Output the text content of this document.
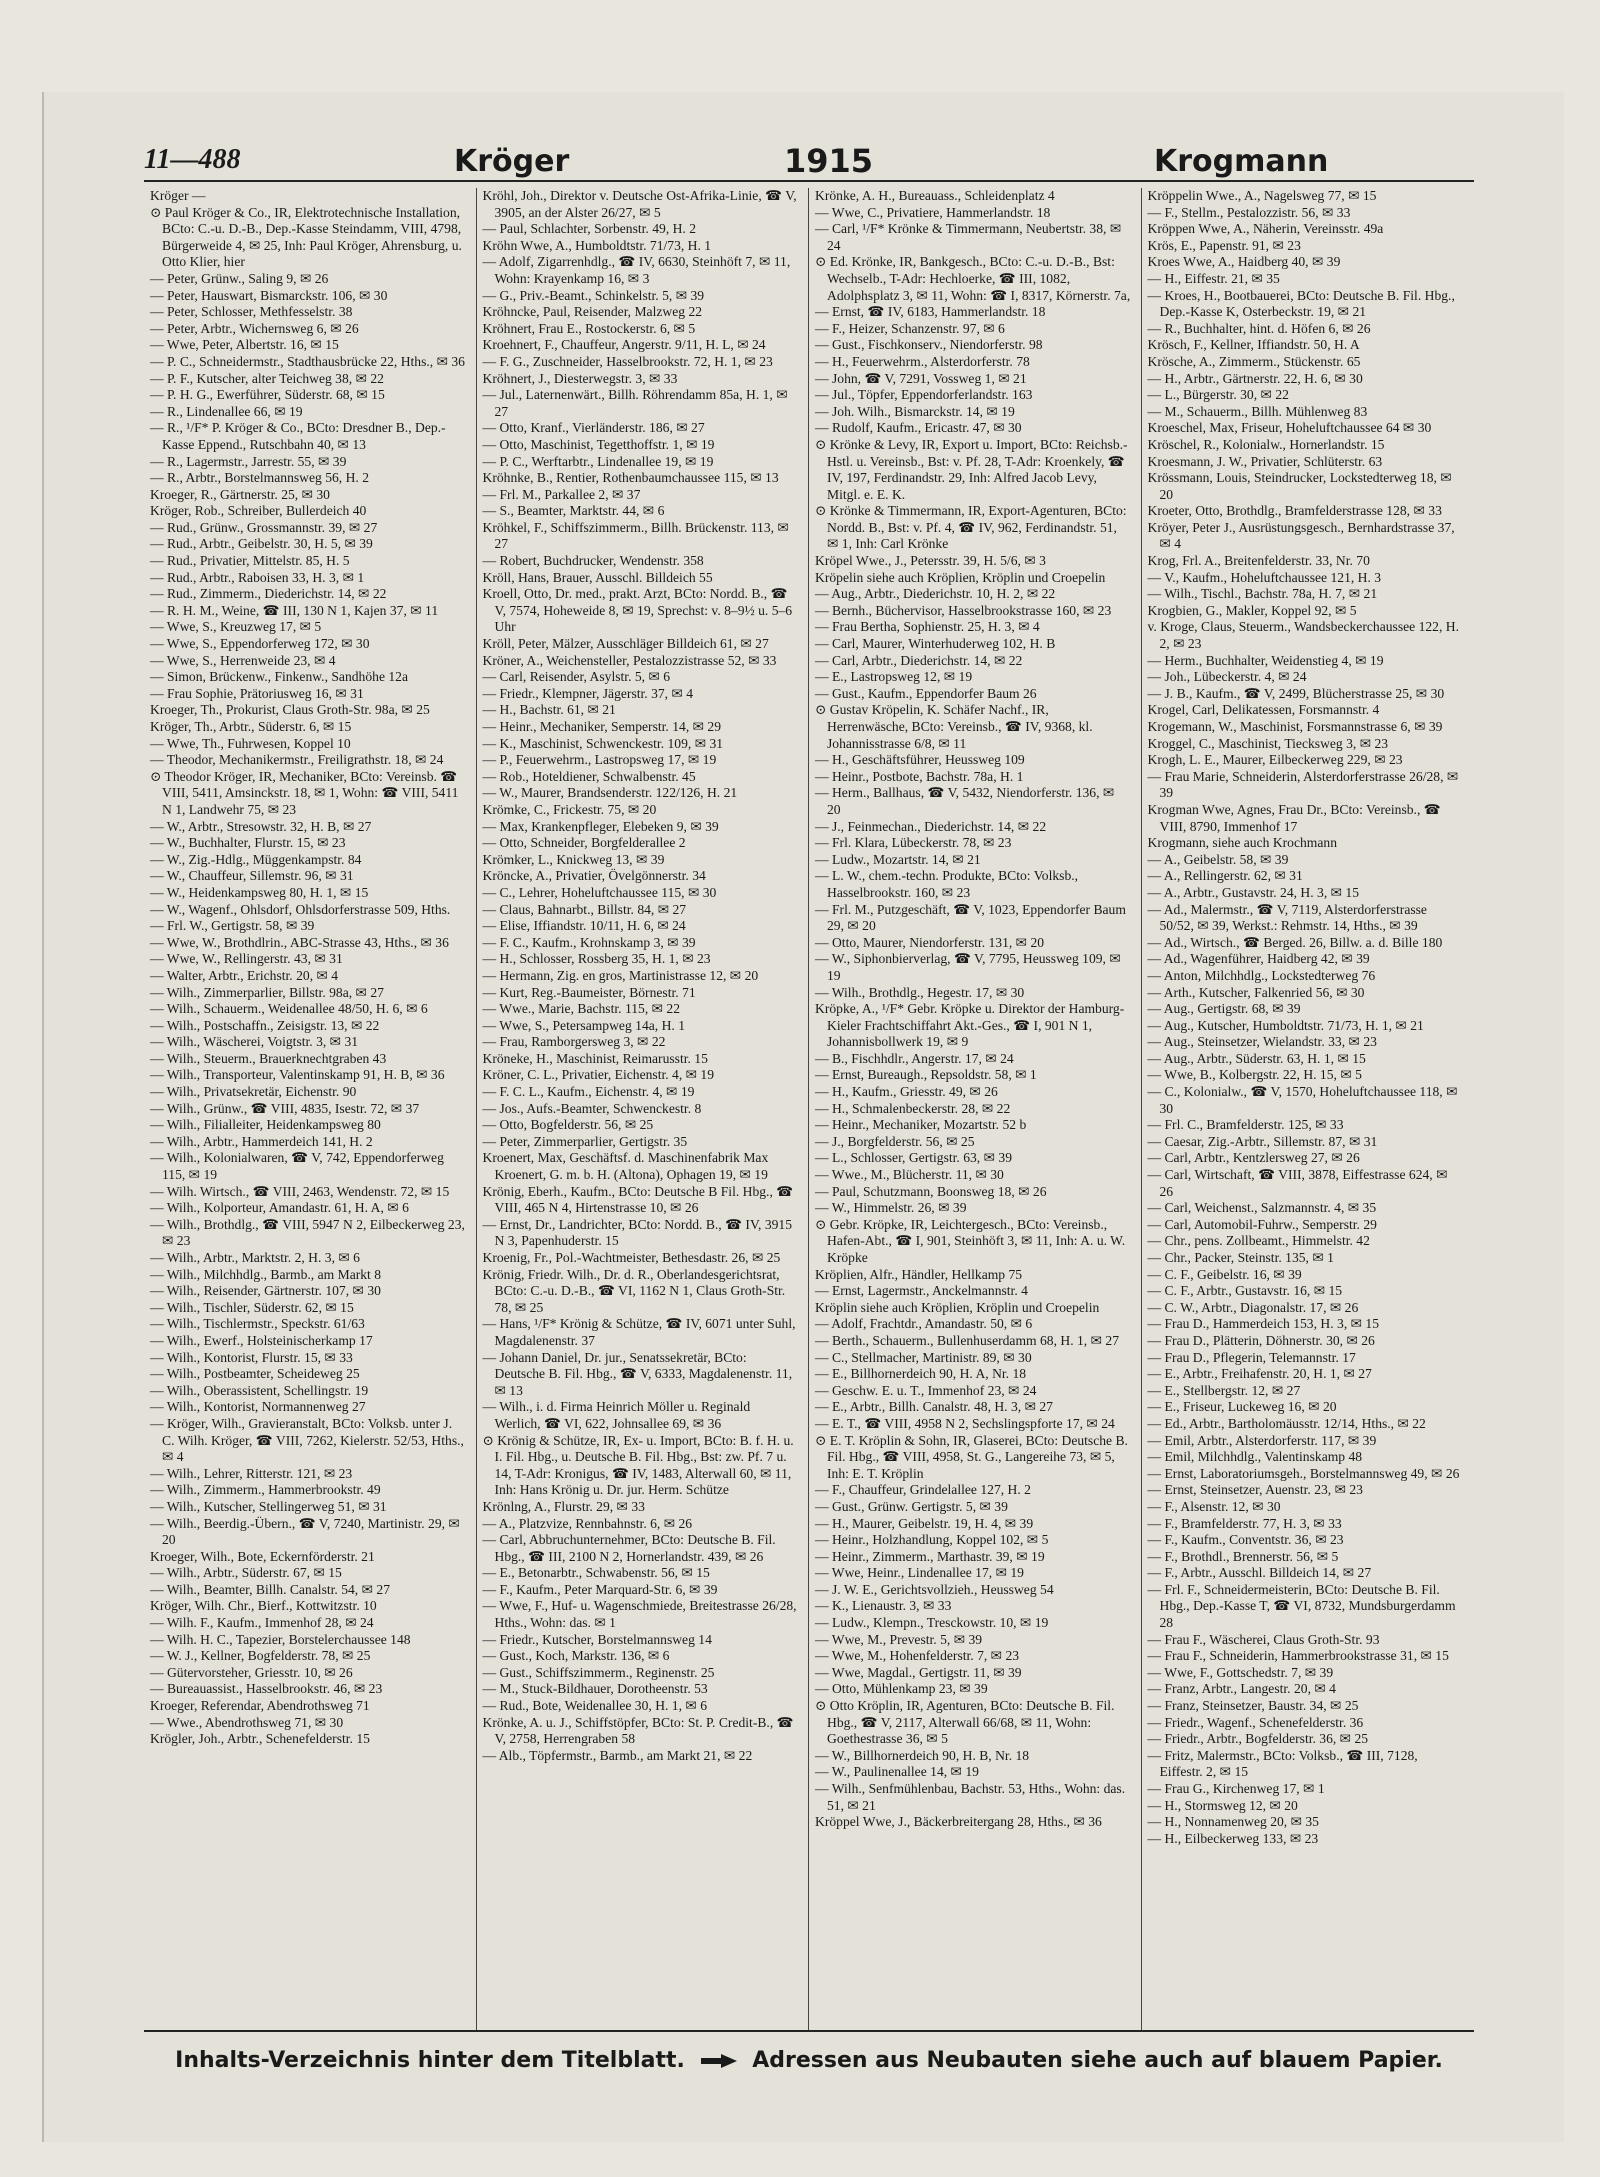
11—488	Kröger	1915	Krogmann

Kröger —

⊙ Paul Kröger & Co., IR, Elektrotechnische Installation, BCto: C.-u. D.-B., Dep.-Kasse Steindamm, VIII, 4798, Bürgerweide 4, ✉ 25, Inh: Paul Kröger, Ahrensburg, u. Otto Klier, hier

— Peter, Grünw., Saling 9, ✉ 26

— Peter, Hauswart, Bismarckstr. 106, ✉ 30

— Peter, Schlosser, Methfesselstr. 38

— Peter, Arbtr., Wichernsweg 6, ✉ 26

— Wwe, Peter, Albertstr. 16, ✉ 15

— P. C., Schneidermstr., Stadthausbrücke 22, Hths., ✉ 36

— P. F., Kutscher, alter Teichweg 38, ✉ 22

— P. H. G., Ewerführer, Süderstr. 68, ✉ 15

— R., Lindenallee 66, ✉ 19

— R., ¹/F* P. Kröger & Co., BCto: Dresdner B., Dep.-Kasse Eppend., Rutschbahn 40, ✉ 13

— R., Lagermstr., Jarrestr. 55, ✉ 39

— R., Arbtr., Borstelmannsweg 56, H. 2

Kroeger, R., Gärtnerstr. 25, ✉ 30

Kröger, Rob., Schreiber, Bullerdeich 40

— Rud., Grünw., Grossmannstr. 39, ✉ 27

— Rud., Arbtr., Geibelstr. 30, H. 5, ✉ 39

— Rud., Privatier, Mittelstr. 85, H. 5

— Rud., Arbtr., Raboisen 33, H. 3, ✉ 1

— Rud., Zimmerm., Diederichstr. 14, ✉ 22

— R. H. M., Weine, ☎ III, 130 N 1, Kajen 37, ✉ 11

— Wwe, S., Kreuzweg 17, ✉ 5

— Wwe, S., Eppendorferweg 172, ✉ 30

— Wwe, S., Herrenweide 23, ✉ 4

— Simon, Brückenw., Finkenw., Sandhöhe 12a

— Frau Sophie, Prätoriusweg 16, ✉ 31

Kroeger, Th., Prokurist, Claus Groth-Str. 98a, ✉ 25

Kröger, Th., Arbtr., Süderstr. 6, ✉ 15

— Wwe, Th., Fuhrwesen, Koppel 10

— Theodor, Mechanikermstr., Freiligrathstr. 18, ✉ 24

⊙ Theodor Kröger, IR, Mechaniker, BCto: Vereinsb. ☎ VIII, 5411, Amsinckstr. 18, ✉ 1, Wohn: ☎ VIII, 5411 N 1, Landwehr 75, ✉ 23

— W., Arbtr., Stresowstr. 32, H. B, ✉ 27

— W., Buchhalter, Flurstr. 15, ✉ 23

— W., Zig.-Hdlg., Müggenkampstr. 84

— W., Chauffeur, Sillemstr. 96, ✉ 31

— W., Heidenkampsweg 80, H. 1, ✉ 15

— W., Wagenf., Ohlsdorf, Ohlsdorferstrasse 509, Hths.

— Frl. W., Gertigstr. 58, ✉ 39

— Wwe, W., Brothdlrin., ABC-Strasse 43, Hths., ✉ 36

— Wwe, W., Rellingerstr. 43, ✉ 31

— Walter, Arbtr., Erichstr. 20, ✉ 4

— Wilh., Zimmerparlier, Billstr. 98a, ✉ 27

— Wilh., Schauerm., Weidenallee 48/50, H. 6, ✉ 6

— Wilh., Postschaffn., Zeisigstr. 13, ✉ 22

— Wilh., Wäscherei, Voigtstr. 3, ✉ 31

— Wilh., Steuerm., Brauerknechtgraben 43

— Wilh., Transporteur, Valentinskamp 91, H. B, ✉ 36

— Wilh., Privatsekretär, Eichenstr. 90

— Wilh., Grünw., ☎ VIII, 4835, Isestr. 72, ✉ 37

— Wilh., Filialleiter, Heidenkampsweg 80

— Wilh., Arbtr., Hammerdeich 141, H. 2

— Wilh., Kolonialwaren, ☎ V, 742, Eppendorferweg 115, ✉ 19

— Wilh. Wirtsch., ☎ VIII, 2463, Wendenstr. 72, ✉ 15

— Wilh., Kolporteur, Amandastr. 61, H. A, ✉ 6

— Wilh., Brothdlg., ☎ VIII, 5947 N 2, Eilbeckerweg 23, ✉ 23

— Wilh., Arbtr., Marktstr. 2, H. 3, ✉ 6

— Wilh., Milchhdlg., Barmb., am Markt 8

— Wilh., Reisender, Gärtnerstr. 107, ✉ 30

— Wilh., Tischler, Süderstr. 62, ✉ 15

— Wilh., Tischlermstr., Speckstr. 61/63

— Wilh., Ewerf., Holsteinischerkamp 17

— Wilh., Kontorist, Flurstr. 15, ✉ 33

— Wilh., Postbeamter, Scheideweg 25

— Wilh., Oberassistent, Schellingstr. 19

— Wilh., Kontorist, Normannenweg 27

— Kröger, Wilh., Gravieranstalt, BCto: Volksb. unter J. C. Wilh. Kröger, ☎ VIII, 7262, Kielerstr. 52/53, Hths., ✉ 4

— Wilh., Lehrer, Ritterstr. 121, ✉ 23

— Wilh., Zimmerm., Hammerbrookstr. 49

— Wilh., Kutscher, Stellingerweg 51, ✉ 31

— Wilh., Beerdig.-Übern., ☎ V, 7240, Martinistr. 29, ✉ 20

Kroeger, Wilh., Bote, Eckernförderstr. 21

— Wilh., Arbtr., Süderstr. 67, ✉ 15

— Wilh., Beamter, Billh. Canalstr. 54, ✉ 27

Kröger, Wilh. Chr., Bierf., Kottwitzstr. 10

— Wilh. F., Kaufm., Immenhof 28, ✉ 24

— Wilh. H. C., Tapezier, Borstelerchaussee 148

— W. J., Kellner, Bogfelderstr. 78, ✉ 25

— Gütervorsteher, Griesstr. 10, ✉ 26

— Bureauassist., Hasselbrookstr. 46, ✉ 23

Kroeger, Referendar, Abendrothsweg 71

— Wwe., Abendrothsweg 71, ✉ 30

Krögler, Joh., Arbtr., Schenefelderstr. 15

Kröhl, Joh., Direktor v. Deutsche Ost-Afrika-Linie, ☎ V, 3905, an der Alster 26/27, ✉ 5

— Paul, Schlachter, Sorbenstr. 49, H. 2

Kröhn Wwe, A., Humboldtstr. 71/73, H. 1

— Adolf, Zigarrenhdlg., ☎ IV, 6630, Steinhöft 7, ✉ 11, Wohn: Krayenkamp 16, ✉ 3

— G., Priv.-Beamt., Schinkelstr. 5, ✉ 39

Kröhncke, Paul, Reisender, Malzweg 22

Kröhnert, Frau E., Rostockerstr. 6, ✉ 5

Kroehnert, F., Chauffeur, Angerstr. 9/11, H. L, ✉ 24

— F. G., Zuschneider, Hasselbrookstr. 72, H. 1, ✉ 23

Kröhnert, J., Diesterwegstr. 3, ✉ 33

— Jul., Laternenwärt., Billh. Röhrendamm 85a, H. 1, ✉ 27

— Otto, Kranf., Vierländerstr. 186, ✉ 27

— Otto, Maschinist, Tegetthoffstr. 1, ✉ 19

— P. C., Werftarbtr., Lindenallee 19, ✉ 19

Kröhnke, B., Rentier, Rothenbaumchaussee 115, ✉ 13

— Frl. M., Parkallee 2, ✉ 37

— S., Beamter, Marktstr. 44, ✉ 6

Kröhkel, F., Schiffszimmerm., Billh. Brückenstr. 113, ✉ 27

— Robert, Buchdrucker, Wendenstr. 358

Kröll, Hans, Brauer, Ausschl. Billdeich 55

Kroell, Otto, Dr. med., prakt. Arzt, BCto: Nordd. B., ☎ V, 7574, Hoheweide 8, ✉ 19, Sprechst: v. 8–9½ u. 5–6 Uhr

Kröll, Peter, Mälzer, Ausschläger Billdeich 61, ✉ 27

Kröner, A., Weichensteller, Pestalozzistrasse 52, ✉ 33

— Carl, Reisender, Asylstr. 5, ✉ 6

— Friedr., Klempner, Jägerstr. 37, ✉ 4

— H., Bachstr. 61, ✉ 21

— Heinr., Mechaniker, Semperstr. 14, ✉ 29

— K., Maschinist, Schwenckestr. 109, ✉ 31

— P., Feuerwehrm., Lastropsweg 17, ✉ 19

— Rob., Hoteldiener, Schwalbenstr. 45

— W., Maurer, Brandsenderstr. 122/126, H. 21

Krömke, C., Frickestr. 75, ✉ 20

— Max, Krankenpfleger, Elebeken 9, ✉ 39

— Otto, Schneider, Borgfelderallee 2

Krömker, L., Knickweg 13, ✉ 39

Kröncke, A., Privatier, Övelgönnerstr. 34

— C., Lehrer, Hoheluftchaussee 115, ✉ 30

— Claus, Bahnarbt., Billstr. 84, ✉ 27

— Elise, Iffiandstr. 10/11, H. 6, ✉ 24

— F. C., Kaufm., Krohnskamp 3, ✉ 39

— H., Schlosser, Rossberg 35, H. 1, ✉ 23

— Hermann, Zig. en gros, Martinistrasse 12, ✉ 20

— Kurt, Reg.-Baumeister, Börnestr. 71

— Wwe., Marie, Bachstr. 115, ✉ 22

— Wwe, S., Petersampweg 14a, H. 1

— Frau, Ramborgersweg 3, ✉ 22

Kröneke, H., Maschinist, Reimarusstr. 15

Kröner, C. L., Privatier, Eichenstr. 4, ✉ 19

— F. C. L., Kaufm., Eichenstr. 4, ✉ 19

— Jos., Aufs.-Beamter, Schwenckestr. 8

— Otto, Bogfelderstr. 56, ✉ 25

— Peter, Zimmerparlier, Gertigstr. 35

Kroenert, Max, Geschäftsf. d. Maschinenfabrik Max Kroenert, G. m. b. H. (Altona), Ophagen 19, ✉ 19

Krönig, Eberh., Kaufm., BCto: Deutsche B Fil. Hbg., ☎ VIII, 465 N 4, Hirtenstrasse 10, ✉ 26

— Ernst, Dr., Landrichter, BCto: Nordd. B., ☎ IV, 3915 N 3, Papenhuderstr. 15

Kroenig, Fr., Pol.-Wachtmeister, Bethesdastr. 26, ✉ 25

Krönig, Friedr. Wilh., Dr. d. R., Oberlandesgerichtsrat, BCto: C.-u. D.-B., ☎ VI, 1162 N 1, Claus Groth-Str. 78, ✉ 25

— Hans, ¹/F* Krönig & Schütze, ☎ IV, 6071 unter Suhl, Magdalenenstr. 37

— Johann Daniel, Dr. jur., Senatssekretär, BCto: Deutsche B. Fil. Hbg., ☎ V, 6333, Magdalenenstr. 11, ✉ 13

— Wilh., i. d. Firma Heinrich Möller u. Reginald Werlich, ☎ VI, 622, Johnsallee 69, ✉ 36

⊙ Krönig & Schütze, IR, Ex- u. Import, BCto: B. f. H. u. I. Fil. Hbg., u. Deutsche B. Fil. Hbg., Bst: zw. Pf. 7 u. 14, T-Adr: Kronigus, ☎ IV, 1483, Alterwall 60, ✉ 11, Inh: Hans Krönig u. Dr. jur. Herm. Schütze

Krönlng, A., Flurstr. 29, ✉ 33

— A., Platzvize, Rennbahnstr. 6, ✉ 26

— Carl, Abbruchunternehmer, BCto: Deutsche B. Fil. Hbg., ☎ III, 2100 N 2, Hornerlandstr. 439, ✉ 26

— E., Betonarbtr., Schwabenstr. 56, ✉ 15

— F., Kaufm., Peter Marquard-Str. 6, ✉ 39

— Wwe, F., Huf- u. Wagenschmiede, Breitestrasse 26/28, Hths., Wohn: das. ✉ 1

— Friedr., Kutscher, Borstelmannsweg 14

— Gust., Koch, Markstr. 136, ✉ 6

— Gust., Schiffszimmerm., Reginenstr. 25

— M., Stuck-Bildhauer, Dorotheenstr. 53

— Rud., Bote, Weidenallee 30, H. 1, ✉ 6

Krönke, A. u. J., Schiffstöpfer, BCto: St. P. Credit-B., ☎ V, 2758, Herrengraben 58

— Alb., Töpfermstr., Barmb., am Markt 21, ✉ 22

Krönke, A. H., Bureauass., Schleidenplatz 4

— Wwe, C., Privatiere, Hammerlandstr. 18

— Carl, ¹/F* Krönke & Timmermann, Neubertstr. 38, ✉ 24

⊙ Ed. Krönke, IR, Bankgesch., BCto: C.-u. D.-B., Bst: Wechselb., T-Adr: Hechloerke, ☎ III, 1082, Adolphsplatz 3, ✉ 11, Wohn: ☎ I, 8317, Körnerstr. 7a,

— Ernst, ☎ IV, 6183, Hammerlandstr. 18

— F., Heizer, Schanzenstr. 97, ✉ 6

— Gust., Fischkonserv., Niendorferstr. 98

— H., Feuerwehrm., Alsterdorferstr. 78

— John, ☎ V, 7291, Vossweg 1, ✉ 21

— Jul., Töpfer, Eppendorferlandstr. 163

— Joh. Wilh., Bismarckstr. 14, ✉ 19

— Rudolf, Kaufm., Ericastr. 47, ✉ 30

⊙ Krönke & Levy, IR, Export u. Import, BCto: Reichsb.-Hstl. u. Vereinsb., Bst: v. Pf. 28, T-Adr: Kroenkely, ☎ IV, 197, Ferdinandstr. 29, Inh: Alfred Jacob Levy, Mitgl. e. E. K.

⊙ Krönke & Timmermann, IR, Export-Agenturen, BCto: Nordd. B., Bst: v. Pf. 4, ☎ IV, 962, Ferdinandstr. 51, ✉ 1, Inh: Carl Krönke

Kröpel Wwe., J., Petersstr. 39, H. 5/6, ✉ 3

Kröpelin siehe auch Kröplien, Kröplin und Croepelin

— Aug., Arbtr., Diederichstr. 10, H. 2, ✉ 22

— Bernh., Büchervisor, Hasselbrookstrasse 160, ✉ 23

— Frau Bertha, Sophienstr. 25, H. 3, ✉ 4

— Carl, Maurer, Winterhuderweg 102, H. B

— Carl, Arbtr., Diederichstr. 14, ✉ 22

— E., Lastropsweg 12, ✉ 19

— Gust., Kaufm., Eppendorfer Baum 26

⊙ Gustav Kröpelin, K. Schäfer Nachf., IR, Herrenwäsche, BCto: Vereinsb., ☎ IV, 9368, kl. Johannisstrasse 6/8, ✉ 11

— H., Geschäftsführer, Heussweg 109

— Heinr., Postbote, Bachstr. 78a, H. 1

— Herm., Ballhaus, ☎ V, 5432, Niendorferstr. 136, ✉ 20

— J., Feinmechan., Diederichstr. 14, ✉ 22

— Frl. Klara, Lübeckerstr. 78, ✉ 23

— Ludw., Mozartstr. 14, ✉ 21

— L. W., chem.-techn. Produkte, BCto: Volksb., Hasselbrookstr. 160, ✉ 23

— Frl. M., Putzgeschäft, ☎ V, 1023, Eppendorfer Baum 29, ✉ 20

— Otto, Maurer, Niendorferstr. 131, ✉ 20

— W., Siphonbierverlag, ☎ V, 7795, Heussweg 109, ✉ 19

— Wilh., Brothdlg., Hegestr. 17, ✉ 30

Kröpke, A., ¹/F* Gebr. Kröpke u. Direktor der Hamburg-Kieler Frachtschiffahrt Akt.-Ges., ☎ I, 901 N 1, Johannisbollwerk 19, ✉ 9

— B., Fischhdlr., Angerstr. 17, ✉ 24

— Ernst, Bureaugh., Repsoldstr. 58, ✉ 1

— H., Kaufm., Griesstr. 49, ✉ 26

— H., Schmalenbeckerstr. 28, ✉ 22

— Heinr., Mechaniker, Mozartstr. 52 b

— J., Borgfelderstr. 56, ✉ 25

— L., Schlosser, Gertigstr. 63, ✉ 39

— Wwe., M., Blücherstr. 11, ✉ 30

— Paul, Schutzmann, Boonsweg 18, ✉ 26

— W., Himmelstr. 26, ✉ 39

⊙ Gebr. Kröpke, IR, Leichtergesch., BCto: Vereinsb., Hafen-Abt., ☎ I, 901, Steinhöft 3, ✉ 11, Inh: A. u. W. Kröpke

Kröplien, Alfr., Händler, Hellkamp 75

— Ernst, Lagermstr., Anckelmannstr. 4

Kröplin siehe auch Kröplien, Kröplin und Croepelin

— Adolf, Frachtdr., Amandastr. 50, ✉ 6

— Berth., Schauerm., Bullenhuserdamm 68, H. 1, ✉ 27

— C., Stellmacher, Martinistr. 89, ✉ 30

— E., Billhornerdeich 90, H. A, Nr. 18

— Geschw. E. u. T., Immenhof 23, ✉ 24

— E., Arbtr., Billh. Canalstr. 48, H. 3, ✉ 27

— E. T., ☎ VIII, 4958 N 2, Sechslingspforte 17, ✉ 24

⊙ E. T. Kröplin & Sohn, IR, Glaserei, BCto: Deutsche B. Fil. Hbg., ☎ VIII, 4958, St. G., Langereihe 73, ✉ 5, Inh: E. T. Kröplin

— F., Chauffeur, Grindelallee 127, H. 2

— Gust., Grünw. Gertigstr. 5, ✉ 39

— H., Maurer, Geibelstr. 19, H. 4, ✉ 39

— Heinr., Holzhandlung, Koppel 102, ✉ 5

— Heinr., Zimmerm., Marthastr. 39, ✉ 19

— Wwe, Heinr., Lindenallee 17, ✉ 19

— J. W. E., Gerichtsvollzieh., Heussweg 54

— K., Lienaustr. 3, ✉ 33

— Ludw., Klempn., Tresckowstr. 10, ✉ 19

— Wwe, M., Prevestr. 5, ✉ 39

— Wwe, M., Hohenfelderstr. 7, ✉ 23

— Wwe, Magdal., Gertigstr. 11, ✉ 39

— Otto, Mühlenkamp 23, ✉ 39

⊙ Otto Kröplin, IR, Agenturen, BCto: Deutsche B. Fil. Hbg., ☎ V, 2117, Alterwall 66/68, ✉ 11, Wohn: Goethestrasse 36, ✉ 5

— W., Billhornerdeich 90, H. B, Nr. 18

— W., Paulinenallee 14, ✉ 19

— Wilh., Senfmühlenbau, Bachstr. 53, Hths., Wohn: das. 51, ✉ 21

Kröppel Wwe, J., Bäckerbreitergang 28, Hths., ✉ 36

Kröppelin Wwe., A., Nagelsweg 77, ✉ 15

— F., Stellm., Pestalozzistr. 56, ✉ 33

Kröppen Wwe, A., Näherin, Vereinsstr. 49a

Krös, E., Papenstr. 91, ✉ 23

Kroes Wwe, A., Haidberg 40, ✉ 39

— H., Eiffestr. 21, ✉ 35

— Kroes, H., Bootbauerei, BCto: Deutsche B. Fil. Hbg., Dep.-Kasse K, Osterbeckstr. 19, ✉ 21

— R., Buchhalter, hint. d. Höfen 6, ✉ 26

Krösch, F., Kellner, Iffiandstr. 50, H. A

Krösche, A., Zimmerm., Stückenstr. 65

— H., Arbtr., Gärtnerstr. 22, H. 6, ✉ 30

— L., Bürgerstr. 30, ✉ 22

— M., Schauerm., Billh. Mühlenweg 83

Kroeschel, Max, Friseur, Hoheluftchaussee 64 ✉ 30

Kröschel, R., Kolonialw., Hornerlandstr. 15

Kroesmann, J. W., Privatier, Schlüterstr. 63

Krössmann, Louis, Steindrucker, Lockstedterweg 18, ✉ 20

Kroeter, Otto, Brothdlg., Bramfelderstrasse 128, ✉ 33

Kröyer, Peter J., Ausrüstungsgesch., Bernhardstrasse 37, ✉ 4

Krog, Frl. A., Breitenfelderstr. 33, Nr. 70

— V., Kaufm., Hoheluftchaussee 121, H. 3

— Wilh., Tischl., Bachstr. 78a, H. 7, ✉ 21

Krogbien, G., Makler, Koppel 92, ✉ 5

v. Kroge, Claus, Steuerm., Wandsbeckerchaussee 122, H. 2, ✉ 23

— Herm., Buchhalter, Weidenstieg 4, ✉ 19

— Joh., Lübeckerstr. 4, ✉ 24

— J. B., Kaufm., ☎ V, 2499, Blücherstrasse 25, ✉ 30

Krogel, Carl, Delikatessen, Forsmannstr. 4

Krogemann, W., Maschinist, Forsmannstrasse 6, ✉ 39

Kroggel, C., Maschinist, Tiecksweg 3, ✉ 23

Krogh, L. E., Maurer, Eilbeckerweg 229, ✉ 23

— Frau Marie, Schneiderin, Alsterdorferstrasse 26/28, ✉ 39

Krogman Wwe, Agnes, Frau Dr., BCto: Vereinsb., ☎ VIII, 8790, Immenhof 17

Krogmann, siehe auch Krochmann

— A., Geibelstr. 58, ✉ 39

— A., Rellingerstr. 62, ✉ 31

— A., Arbtr., Gustavstr. 24, H. 3, ✉ 15

— Ad., Malermstr., ☎ V, 7119, Alsterdorferstrasse 50/52, ✉ 39, Werkst.: Rehmstr. 14, Hths., ✉ 39

— Ad., Wirtsch., ☎ Berged. 26, Billw. a. d. Bille 180

— Ad., Wagenführer, Haidberg 42, ✉ 39

— Anton, Milchhdlg., Lockstedterweg 76

— Arth., Kutscher, Falkenried 56, ✉ 30

— Aug., Gertigstr. 68, ✉ 39

— Aug., Kutscher, Humboldtstr. 71/73, H. 1, ✉ 21

— Aug., Steinsetzer, Wielandstr. 33, ✉ 23

— Aug., Arbtr., Süderstr. 63, H. 1, ✉ 15

— Wwe, B., Kolbergstr. 22, H. 15, ✉ 5

— C., Kolonialw., ☎ V, 1570, Hoheluftchaussee 118, ✉ 30

— Frl. C., Bramfelderstr. 125, ✉ 33

— Caesar, Zig.-Arbtr., Sillemstr. 87, ✉ 31

— Carl, Arbtr., Kentzlersweg 27, ✉ 26

— Carl, Wirtschaft, ☎ VIII, 3878, Eiffestrasse 624, ✉ 26

— Carl, Weichenst., Salzmannstr. 4, ✉ 35

— Carl, Automobil-Fuhrw., Semperstr. 29

— Chr., pens. Zollbeamt., Himmelstr. 42

— Chr., Packer, Steinstr. 135, ✉ 1

— C. F., Geibelstr. 16, ✉ 39

— C. F., Arbtr., Gustavstr. 16, ✉ 15

— C. W., Arbtr., Diagonalstr. 17, ✉ 26

— Frau D., Hammerdeich 153, H. 3, ✉ 15

— Frau D., Plätterin, Döhnerstr. 30, ✉ 26

— Frau D., Pflegerin, Telemannstr. 17

— E., Arbtr., Freihafenstr. 20, H. 1, ✉ 27

— E., Stellbergstr. 12, ✉ 27

— E., Friseur, Luckeweg 16, ✉ 20

— Ed., Arbtr., Bartholomäusstr. 12/14, Hths., ✉ 22

— Emil, Arbtr., Alsterdorferstr. 117, ✉ 39

— Emil, Milchhdlg., Valentinskamp 48

— Ernst, Laboratoriumsgeh., Borstelmannsweg 49, ✉ 26

— Ernst, Steinsetzer, Auenstr. 23, ✉ 23

— F., Alsenstr. 12, ✉ 30

— F., Bramfelderstr. 77, H. 3, ✉ 33

— F., Kaufm., Conventstr. 36, ✉ 23

— F., Brothdl., Brennerstr. 56, ✉ 5

— F., Arbtr., Ausschl. Billdeich 14, ✉ 27

— Frl. F., Schneidermeisterin, BCto: Deutsche B. Fil. Hbg., Dep.-Kasse T, ☎ VI, 8732, Mundsburgerdamm 28

— Frau F., Wäscherei, Claus Groth-Str. 93

— Frau F., Schneiderin, Hammerbrookstrasse 31, ✉ 15

— Wwe, F., Gottschedstr. 7, ✉ 39

— Franz, Arbtr., Langestr. 20, ✉ 4

— Franz, Steinsetzer, Baustr. 34, ✉ 25

— Friedr., Wagenf., Schenefelderstr. 36

— Friedr., Arbtr., Bogfelderstr. 36, ✉ 25

— Fritz, Malermstr., BCto: Volksb., ☎ III, 7128, Eiffestr. 2, ✉ 15

— Frau G., Kirchenweg 17, ✉ 1

— H., Stormsweg 12, ✉ 20

— H., Nonnamenweg 20, ✉ 35

— H., Eilbeckerweg 133, ✉ 23

Inhalts-Verzeichnis hinter dem Titelblatt.	Adressen aus Neubauten siehe auch auf blauem Papier.
